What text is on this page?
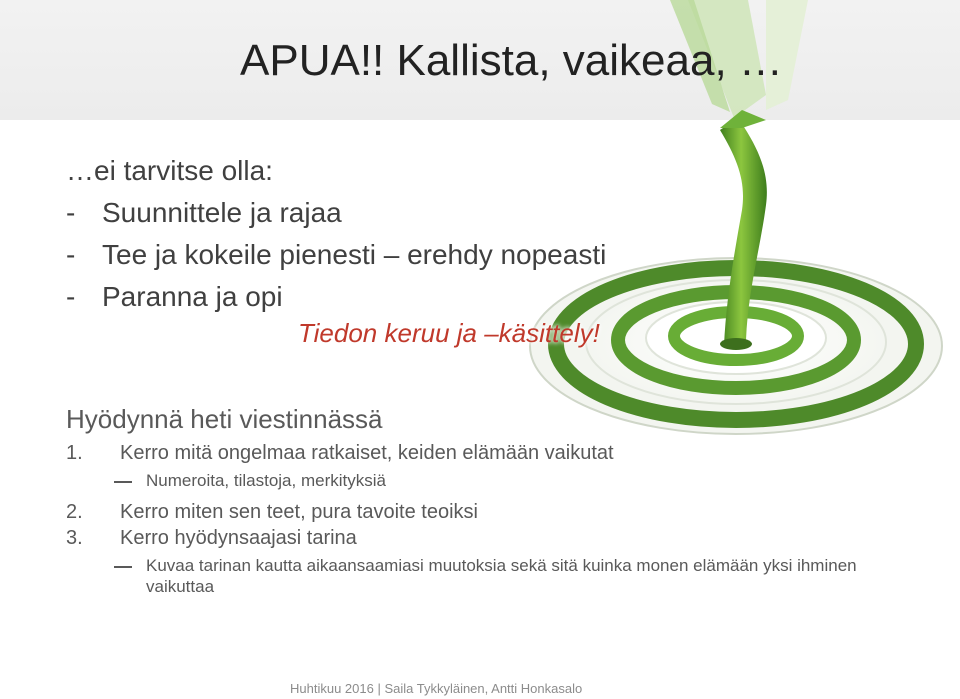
APUA!! Kallista, vaikeaa, …
…ei tarvitse olla:
- Suunnittele ja rajaa
- Tee ja kokeile pienesti – erehdy nopeasti
- Paranna ja opi
Tiedon keruu ja –käsittely!
Hyödynnä heti viestinnässä
1. Kerro mitä ongelmaa ratkaiset, keiden elämään vaikutat
Numeroita, tilastoja, merkityksiä
2. Kerro miten sen teet, pura tavoite teoiksi
3. Kerro hyödynsaajasi tarina
Kuvaa tarinan kautta aikaansaamiasi muutoksia sekä sitä kuinka monen elämään yksi ihminen vaikuttaa
Huhtikuu 2016 | Saila Tykkyläinen, Antti Honkasalo
